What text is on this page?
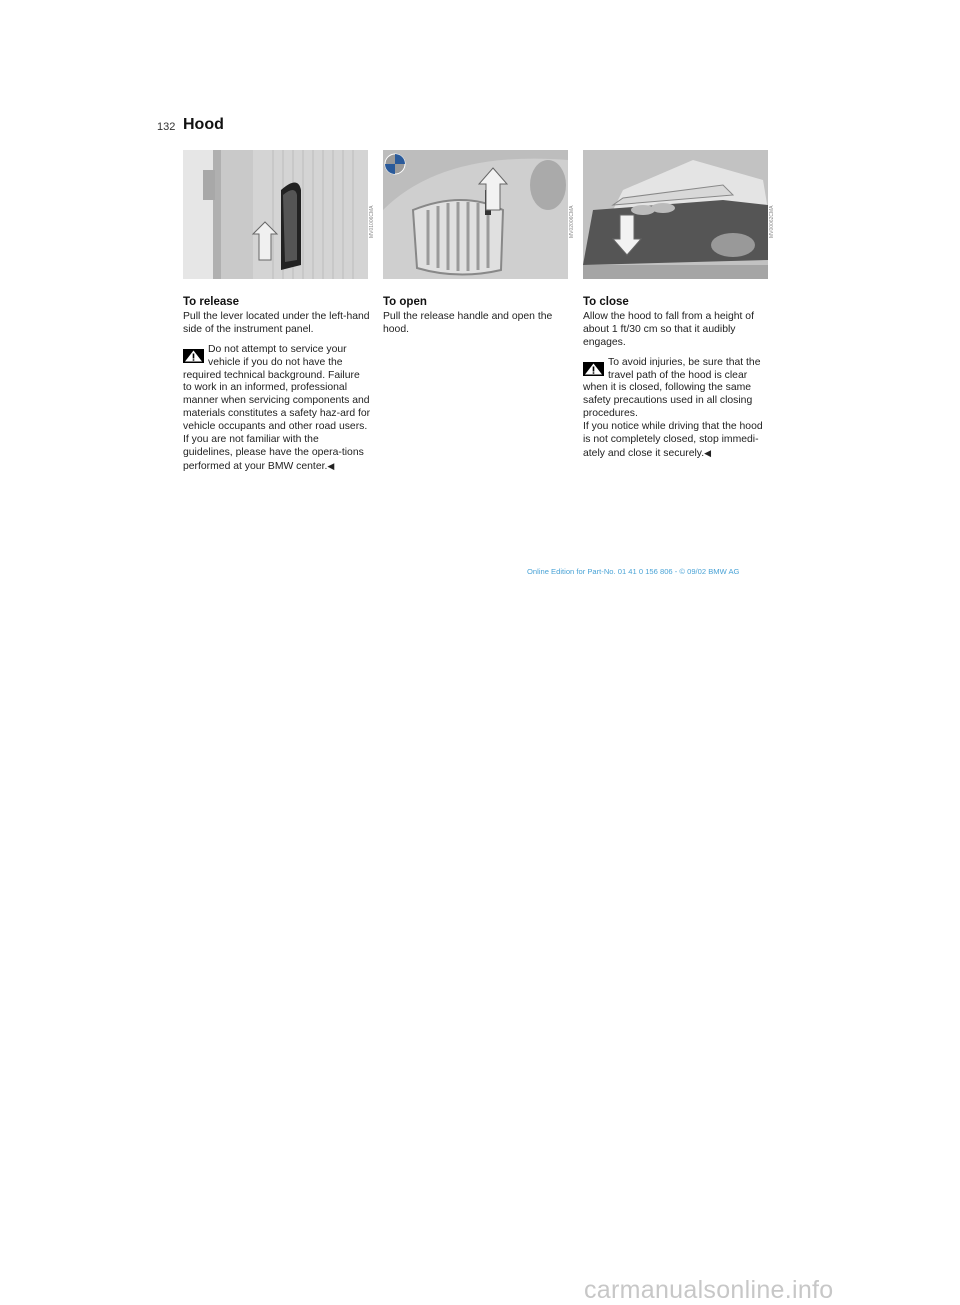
132 Hood
MV01006CMA	MV02006CMA	MV00062CMA
To release

Pull the lever located under the left-hand side of the instrument panel.

Do not attempt to service your vehicle if you do not have the
required technical background. Failure to work in an informed, professional manner when servicing components and materials constitutes a safety haz-ard for vehicle occupants and other road users. If you are not familiar with the guidelines, please have the opera-tions performed at your BMW center.◀
To open

Pull the release handle and open the hood.

To close

Allow the hood to fall from a height of about 1 ft/30 cm so that it audibly engages.

To avoid injuries, be sure that the travel path of the hood is clear
when it is closed, following the same safety precautions used in all closing procedures.
If you notice while driving that the hood is not completely closed, stop immedi-ately and close it securely.◀
Online Edition for Part-No. 01 41 0 156 806 - © 09/02 BMW AG
carmanualsonline.info
